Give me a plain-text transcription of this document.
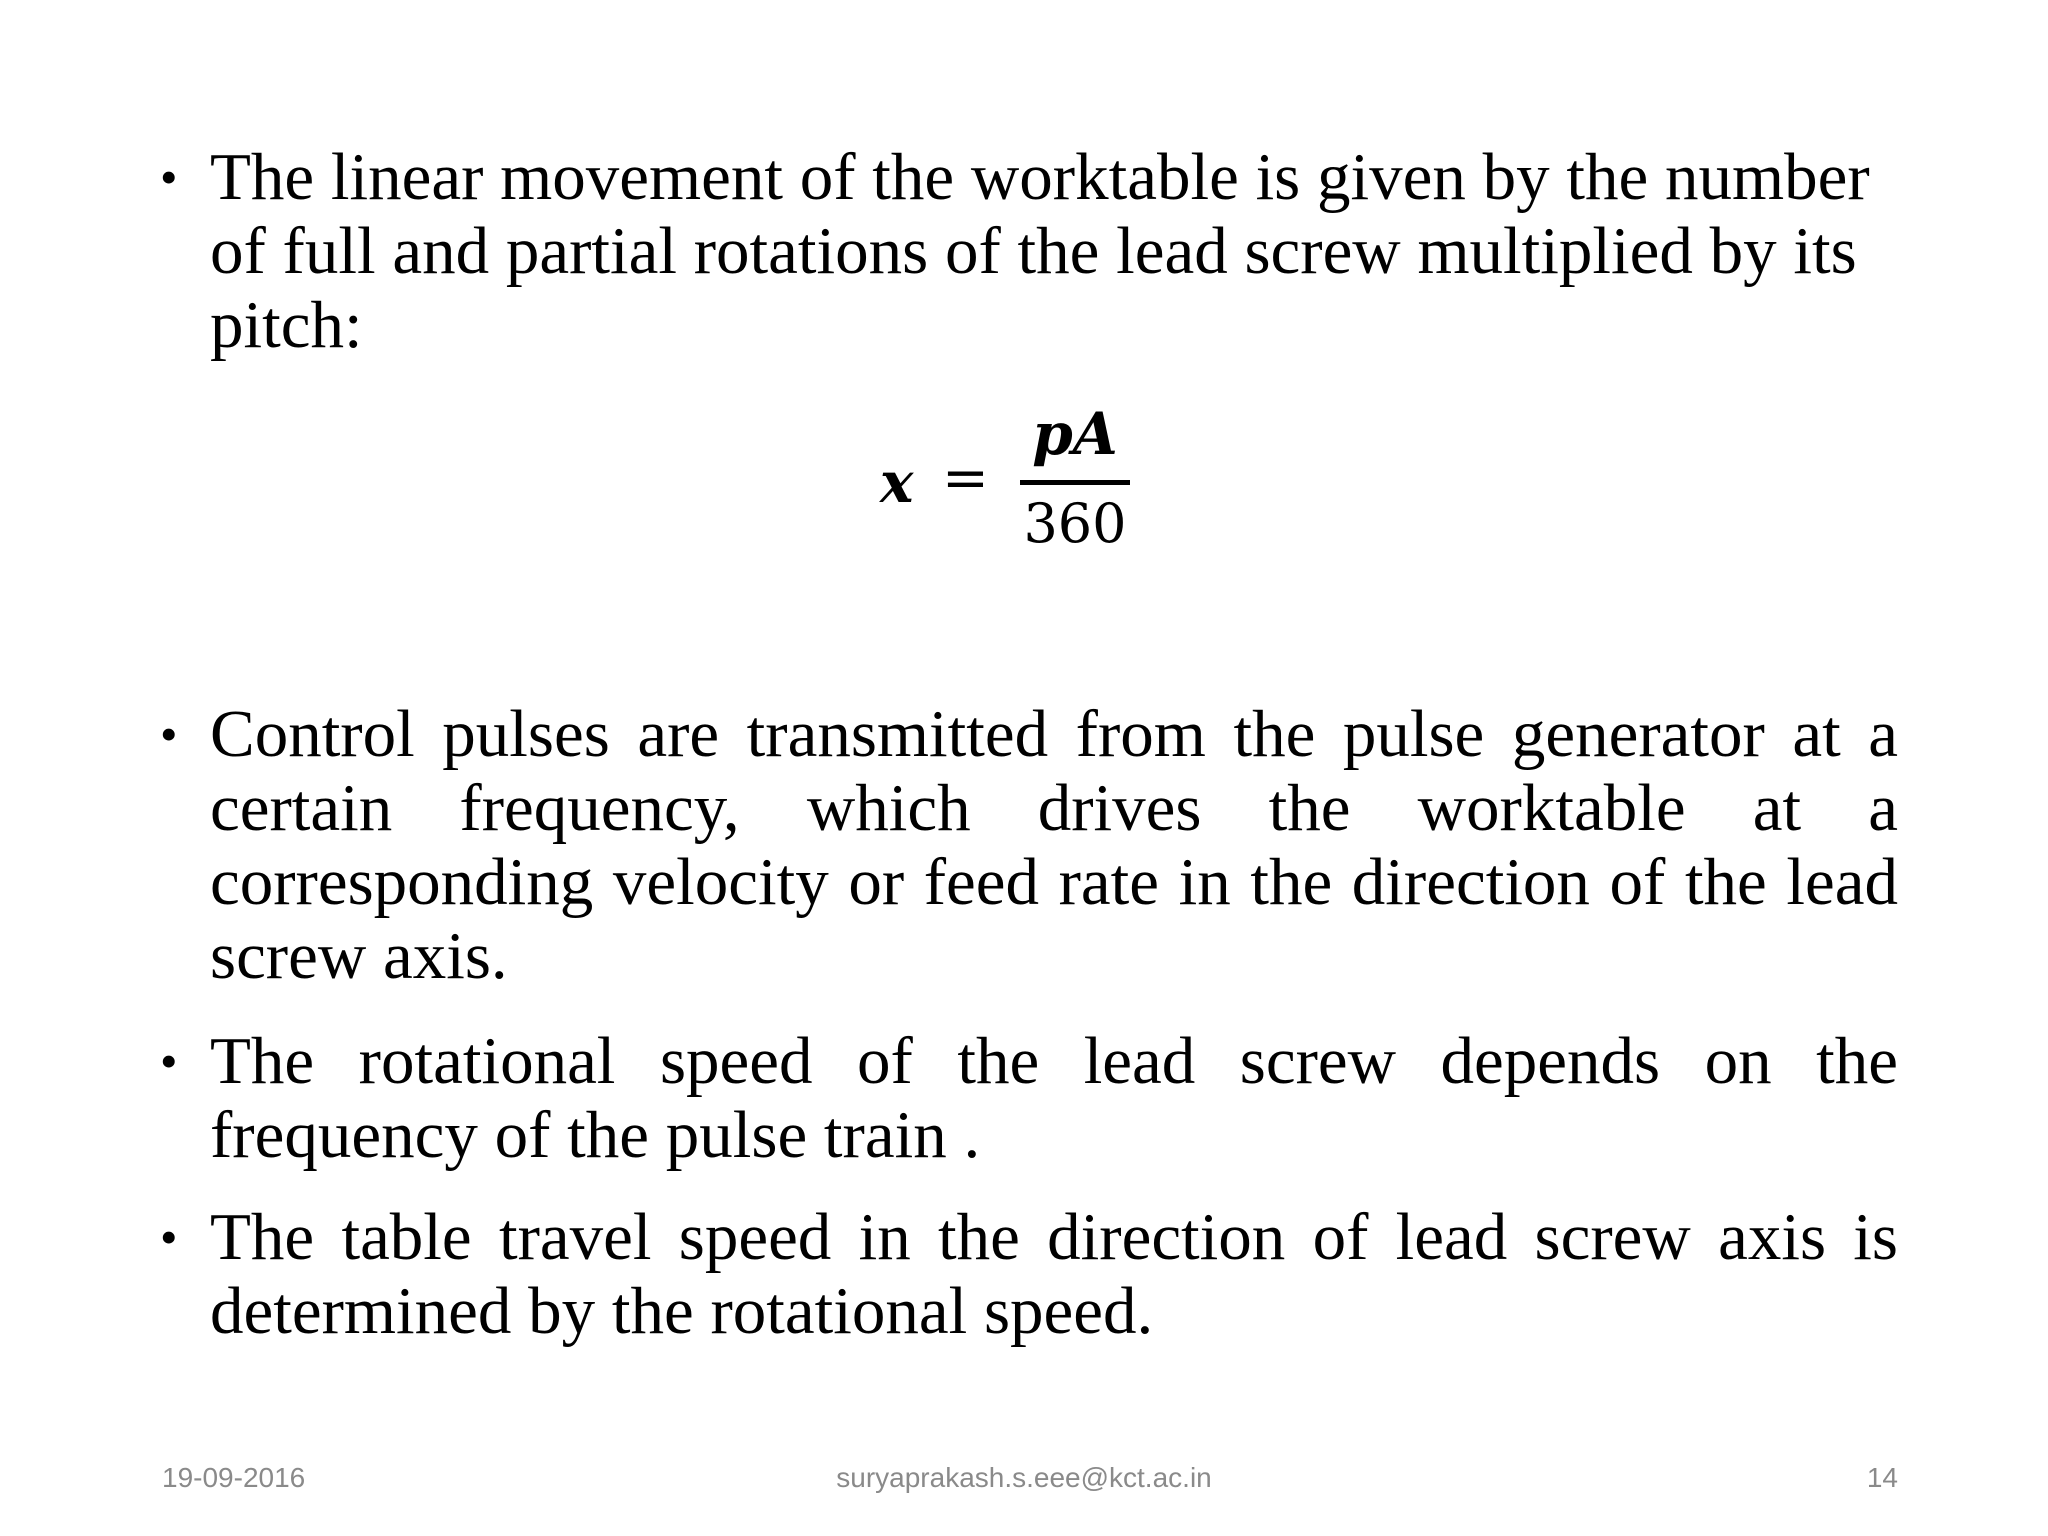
• The linear movement of the worktable is given by the number of full and partial rotations of the lead screw multiplied by its pitch:
x =
pA
360
• Control pulses are transmitted from the pulse generator at a certain frequency, which drives the worktable at a corresponding velocity or feed rate in the direction of the lead screw axis.
• The rotational speed of the lead screw depends on the frequency of the pulse train .
• The table travel speed in the direction of lead screw axis is determined by the rotational speed.
19-09-2016	suryaprakash.s.eee@kct.ac.in	14
